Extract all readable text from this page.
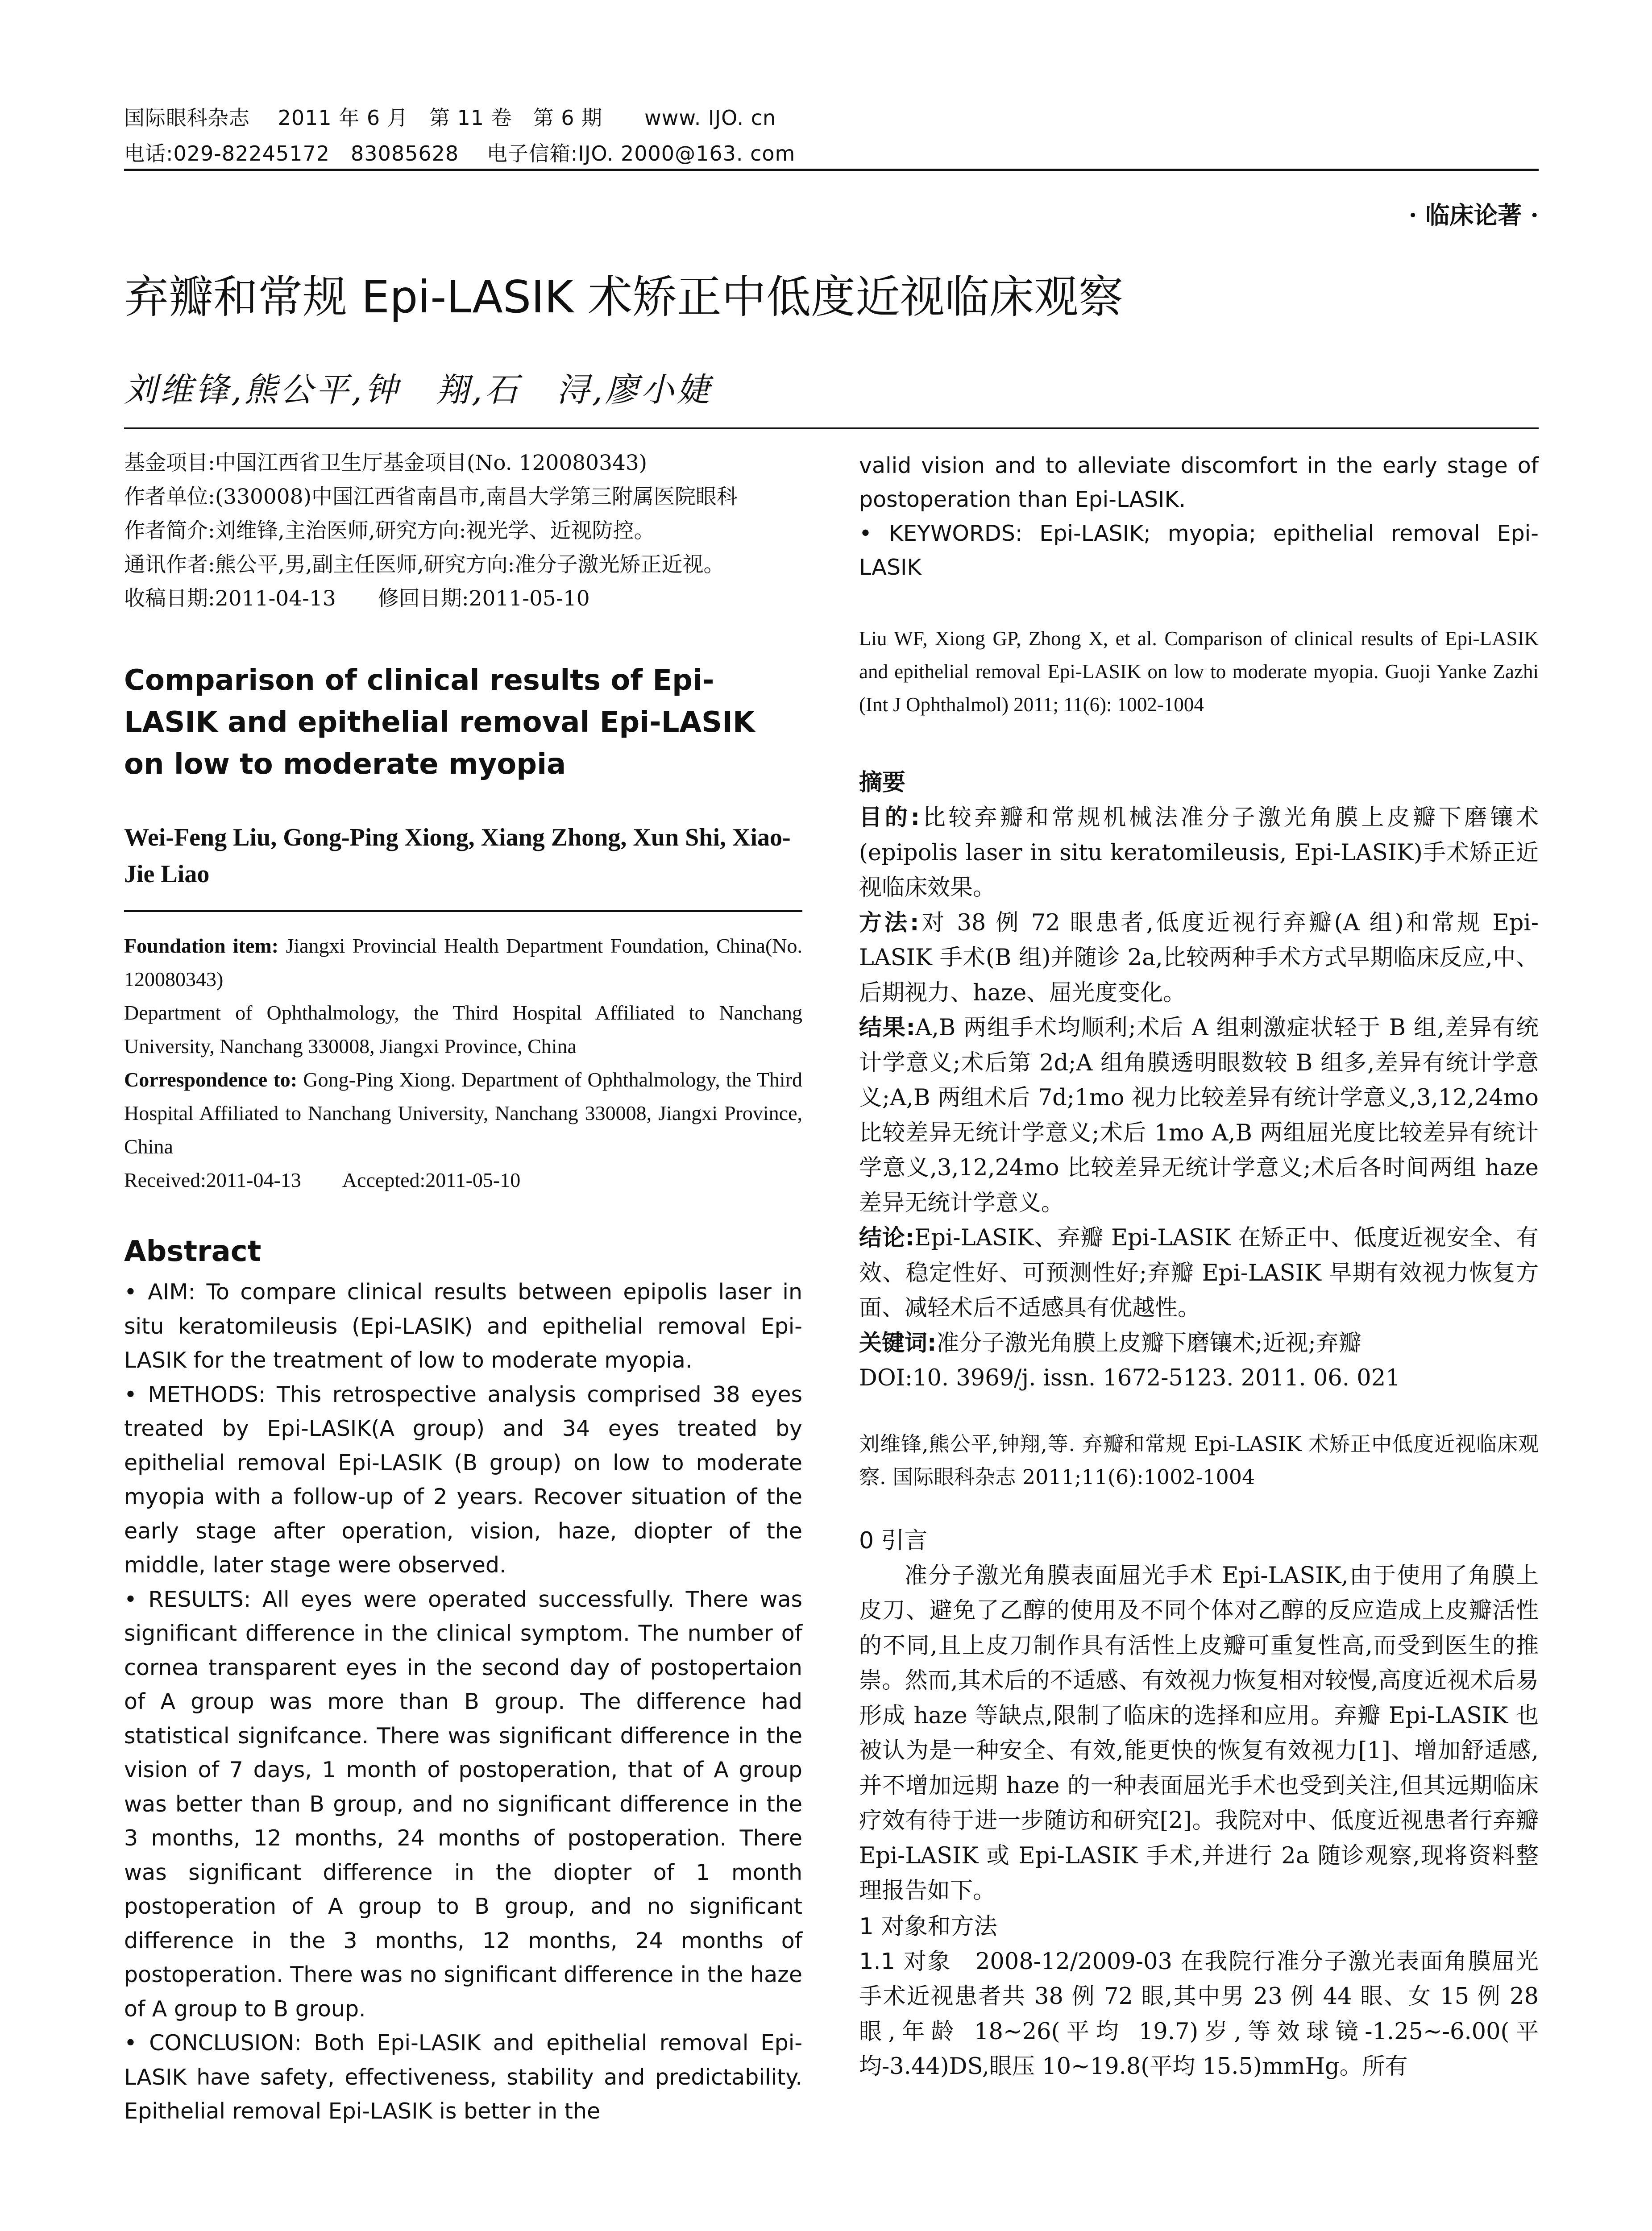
国际眼科杂志　 2011 年 6 月　第 11 卷　第 6 期　　www. IJO. cn
电话:029-82245172　83085628　 电子信箱:IJO. 2000@163. com
· 临床论著 ·
弃瓣和常规 Epi-LASIK 术矫正中低度近视临床观察
刘维锋,熊公平,钟　翔,石　浔,廖小婕

基金项目:中国江西省卫生厅基金项目(No. 120080343)

作者单位:(330008)中国江西省南昌市,南昌大学第三附属医院眼科

作者简介:刘维锋,主治医师,研究方向:视光学、近视防控。

通讯作者:熊公平,男,副主任医师,研究方向:准分子激光矫正近视。

收稿日期:2011-04-13　　修回日期:2011-05-10

Comparison of clinical results of Epi-LASIK and epithelial removal Epi-LASIK on low to moderate myopia
Wei-Feng Liu, Gong-Ping Xiong, Xiang Zhong, Xun Shi, Xiao-Jie Liao

Foundation item: Jiangxi Provincial Health Department Foundation, China(No. 120080343)

Department of Ophthalmology, the Third Hospital Affiliated to Nanchang University, Nanchang 330008, Jiangxi Province, China

Correspondence to: Gong-Ping Xiong. Department of Ophthalmology, the Third Hospital Affiliated to Nanchang University, Nanchang 330008, Jiangxi Province, China

Received:2011-04-13　　Accepted:2011-05-10

Abstract

• AIM: To compare clinical results between epipolis laser in situ keratomileusis (Epi-LASIK) and epithelial removal Epi-LASIK for the treatment of low to moderate myopia.

• METHODS: This retrospective analysis comprised 38 eyes treated by Epi-LASIK(A group) and 34 eyes treated by epithelial removal Epi-LASIK (B group) on low to moderate myopia with a follow-up of 2 years. Recover situation of the early stage after operation, vision, haze, diopter of the middle, later stage were observed.

• RESULTS: All eyes were operated successfully. There was significant difference in the clinical symptom. The number of cornea transparent eyes in the second day of postopertaion of A group was more than B group. The difference had statistical signifcance. There was significant difference in the vision of 7 days, 1 month of postoperation, that of A group was better than B group, and no significant difference in the 3 months, 12 months, 24 months of postoperation. There was significant difference in the diopter of 1 month postoperation of A group to B group, and no significant difference in the 3 months, 12 months, 24 months of postoperation. There was no significant difference in the haze of A group to B group.

• CONCLUSION: Both Epi-LASIK and epithelial removal Epi-LASIK have safety, effectiveness, stability and predictability. Epithelial removal Epi-LASIK is better in the

valid vision and to alleviate discomfort in the early stage of postoperation than Epi-LASIK.

• KEYWORDS: Epi-LASIK; myopia; epithelial removal Epi-LASIK

Liu WF, Xiong GP, Zhong X, et al. Comparison of clinical results of Epi-LASIK and epithelial removal Epi-LASIK on low to moderate myopia. Guoji Yanke Zazhi (Int J Ophthalmol) 2011; 11(6): 1002-1004
摘要

目的:比较弃瓣和常规机械法准分子激光角膜上皮瓣下磨镶术(epipolis laser in situ keratomileusis, Epi-LASIK)手术矫正近视临床效果。

方法:对 38 例 72 眼患者,低度近视行弃瓣(A 组)和常规 Epi-LASIK 手术(B 组)并随诊 2a,比较两种手术方式早期临床反应,中、后期视力、haze、屈光度变化。

结果:A,B 两组手术均顺利;术后 A 组刺激症状轻于 B 组,差异有统计学意义;术后第 2d;A 组角膜透明眼数较 B 组多,差异有统计学意义;A,B 两组术后 7d;1mo 视力比较差异有统计学意义,3,12,24mo 比较差异无统计学意义;术后 1mo A,B 两组屈光度比较差异有统计学意义,3,12,24mo 比较差异无统计学意义;术后各时间两组 haze 差异无统计学意义。

结论:Epi-LASIK、弃瓣 Epi-LASIK 在矫正中、低度近视安全、有效、稳定性好、可预测性好;弃瓣 Epi-LASIK 早期有效视力恢复方面、减轻术后不适感具有优越性。

关键词:准分子激光角膜上皮瓣下磨镶术;近视;弃瓣

DOI:10. 3969/j. issn. 1672-5123. 2011. 06. 021

刘维锋,熊公平,钟翔,等. 弃瓣和常规 Epi-LASIK 术矫正中低度近视临床观察. 国际眼科杂志 2011;11(6):1002-1004
0 引言

准分子激光角膜表面屈光手术 Epi-LASIK,由于使用了角膜上皮刀、避免了乙醇的使用及不同个体对乙醇的反应造成上皮瓣活性的不同,且上皮刀制作具有活性上皮瓣可重复性高,而受到医生的推崇。然而,其术后的不适感、有效视力恢复相对较慢,高度近视术后易形成 haze 等缺点,限制了临床的选择和应用。弃瓣 Epi-LASIK 也被认为是一种安全、有效,能更快的恢复有效视力[1]、增加舒适感,并不增加远期 haze 的一种表面屈光手术也受到关注,但其远期临床疗效有待于进一步随访和研究[2]。我院对中、低度近视患者行弃瓣 Epi-LASIK 或 Epi-LASIK 手术,并进行 2a 随诊观察,现将资料整理报告如下。

1 对象和方法

1.1 对象　2008-12/2009-03 在我院行准分子激光表面角膜屈光手术近视患者共 38 例 72 眼,其中男 23 例 44 眼、女 15 例 28 眼,年龄 18~26(平均 19.7)岁,等效球镜-1.25~-6.00(平均-3.44)DS,眼压 10~19.8(平均 15.5)mmHg。所有
